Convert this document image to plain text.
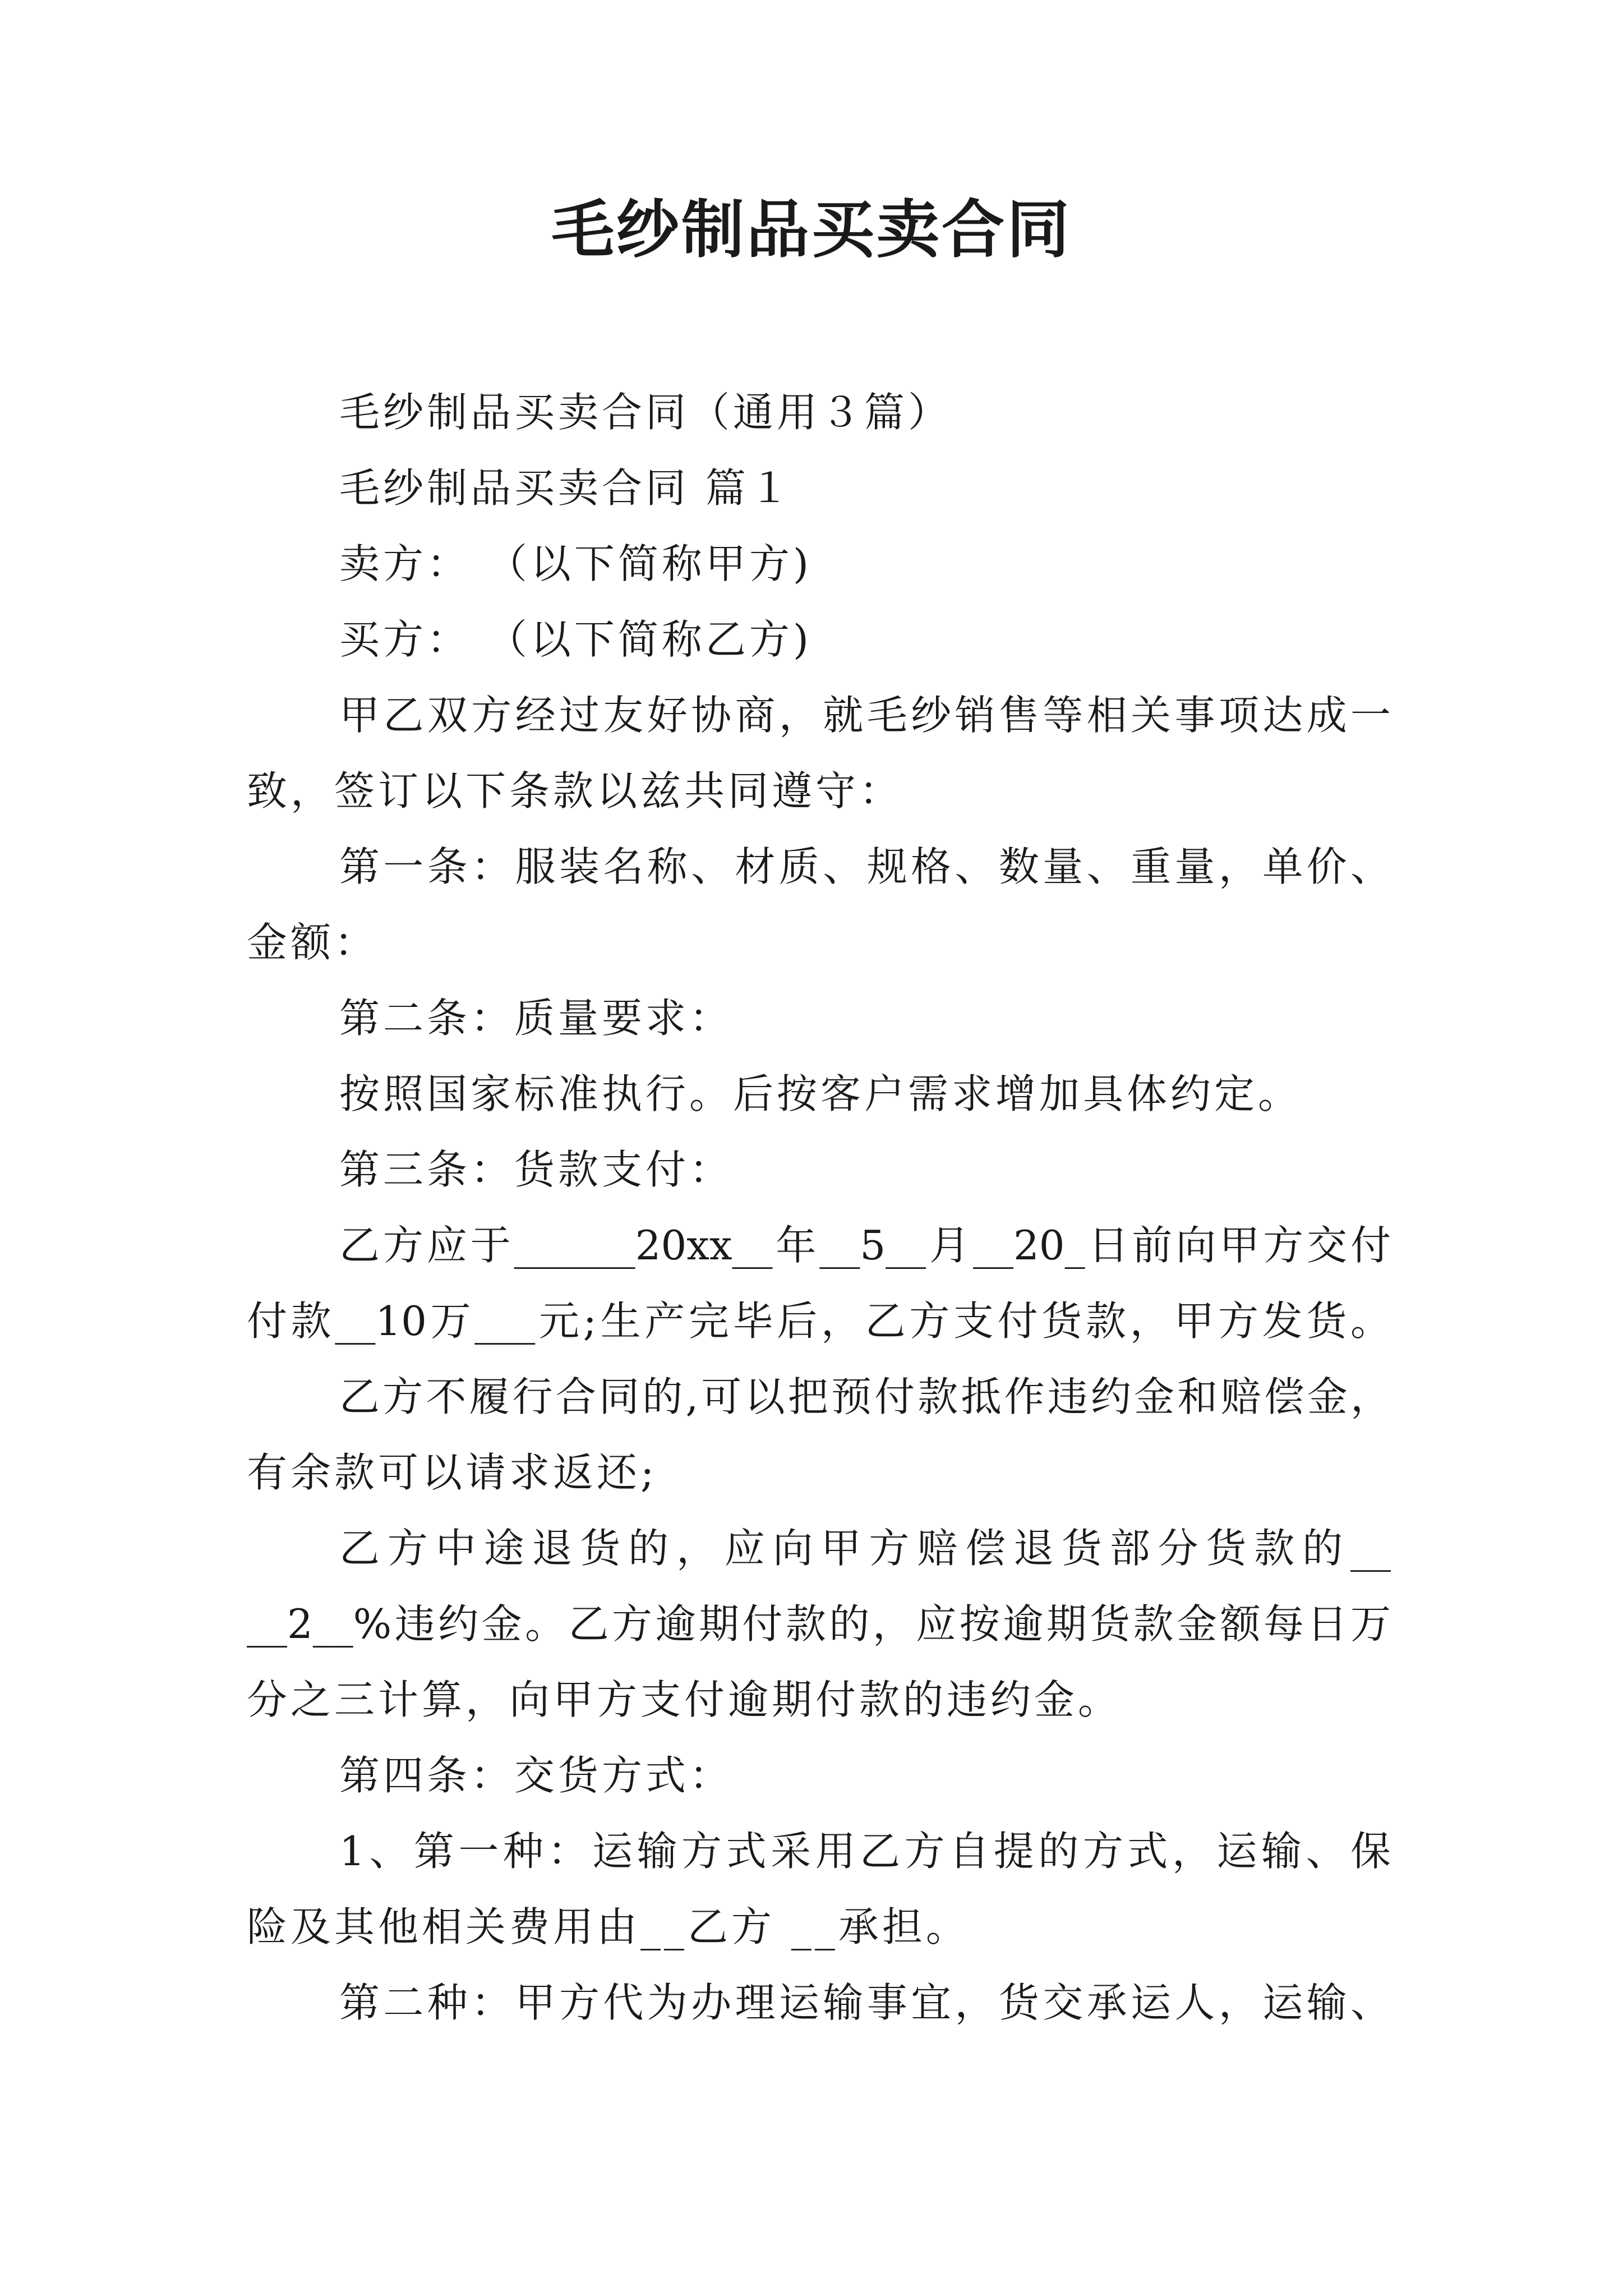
毛纱制品买卖合同
毛纱制品买卖合同（通用３篇）
毛纱制品买卖合同 篇１
卖方： （以下简称甲方)
买方： （以下简称乙方)
甲乙双方经过友好协商，就毛纱销售等相关事项达成一
致，签订以下条款以兹共同遵守：
第一条：服装名称、材质、规格、数量、重量，单价、
金额：
第二条：质量要求：
按照国家标准执行。后按客户需求增加具体约定。
第三条：货款支付：
乙方应于______20xx__年__5__月__20_日前向甲方交付
付款__10万___元;生产完毕后，乙方支付货款，甲方发货。
乙方不履行合同的,可以把预付款抵作违约金和赔偿金，
有余款可以请求返还;
乙方中途退货的，应向甲方赔偿退货部分货款的__
__2__%违约金。乙方逾期付款的，应按逾期货款金额每日万
分之三计算，向甲方支付逾期付款的违约金。
第四条：交货方式：
1、第一种：运输方式采用乙方自提的方式，运输、保
险及其他相关费用由__乙方 __承担。
第二种：甲方代为办理运输事宜，货交承运人，运输、
